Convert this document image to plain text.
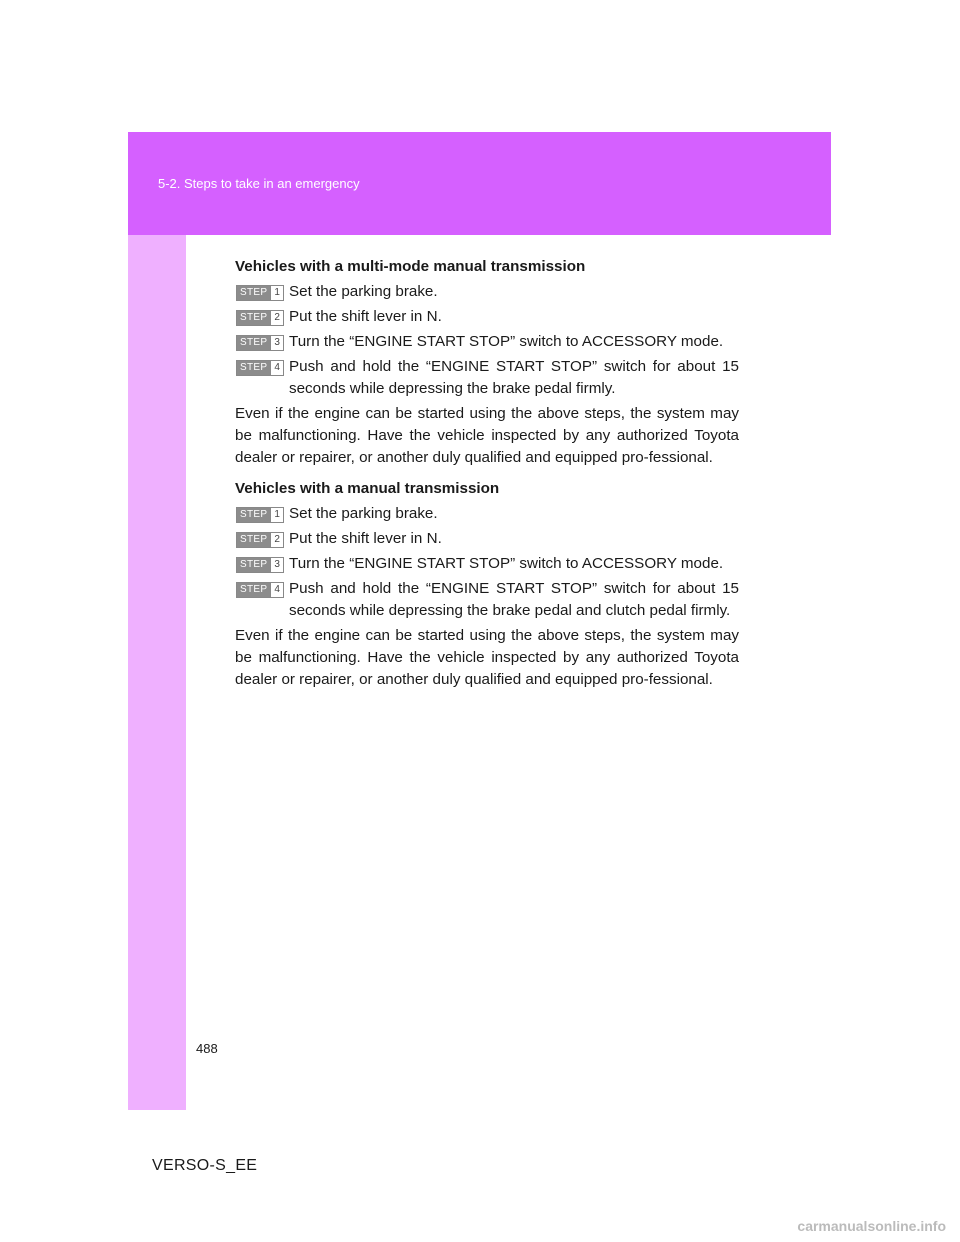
5-2. Steps to take in an emergency
Vehicles with a multi-mode manual transmission
STEP 1 Set the parking brake.
STEP 2 Put the shift lever in N.
STEP 3 Turn the “ENGINE START STOP” switch to ACCESSORY mode.
STEP 4 Push and hold the “ENGINE START STOP” switch for about 15 seconds while depressing the brake pedal firmly.
Even if the engine can be started using the above steps, the system may be malfunctioning. Have the vehicle inspected by any authorized Toyota dealer or repairer, or another duly qualified and equipped pro-fessional.
Vehicles with a manual transmission
STEP 1 Set the parking brake.
STEP 2 Put the shift lever in N.
STEP 3 Turn the “ENGINE START STOP” switch to ACCESSORY mode.
STEP 4 Push and hold the “ENGINE START STOP” switch for about 15 seconds while depressing the brake pedal and clutch pedal firmly.
Even if the engine can be started using the above steps, the system may be malfunctioning. Have the vehicle inspected by any authorized Toyota dealer or repairer, or another duly qualified and equipped pro-fessional.
488
VERSO-S_EE
carmanualsonline.info
